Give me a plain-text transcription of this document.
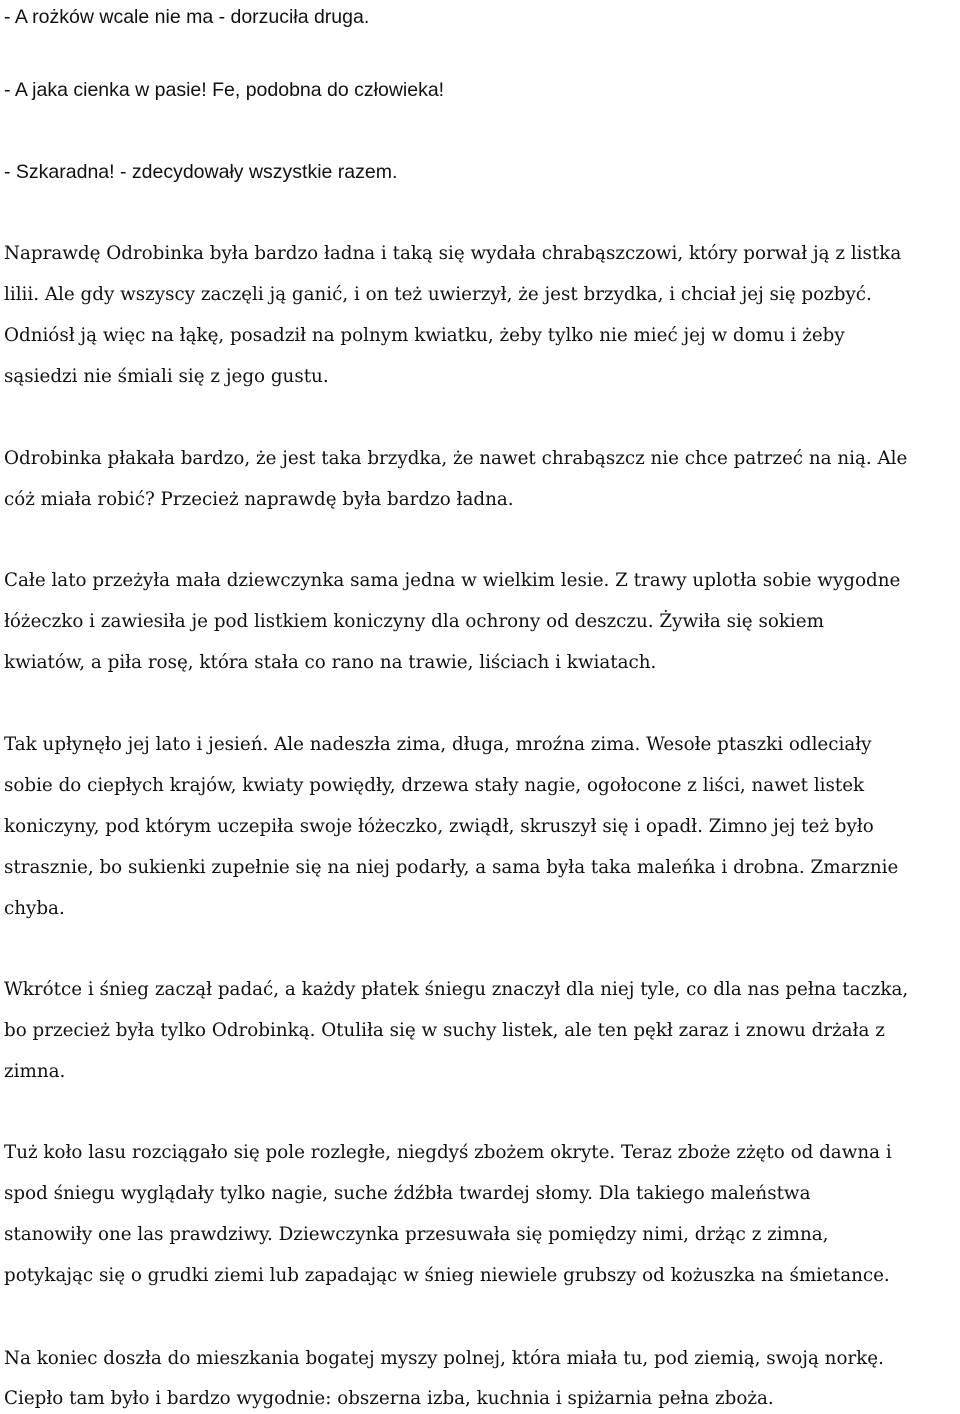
- A rożków wcale nie ma - dorzuciła druga.
- A jaka cienka w pasie! Fe, podobna do człowieka!
- Szkaradna! - zdecydowały wszystkie razem.
Naprawdę Odrobinka była bardzo ładna i taką się wydała chrabąszczowi, który porwał ją z listka
lilii. Ale gdy wszyscy zaczęli ją ganić, i on też uwierzył, że jest brzydka, i chciał jej się pozbyć.
Odniósł ją więc na łąkę, posadził na polnym kwiatku, żeby tylko nie mieć jej w domu i żeby
sąsiedzi nie śmiali się z jego gustu.
Odrobinka płakała bardzo, że jest taka brzydka, że nawet chrabąszcz nie chce patrzeć na nią. Ale
cóż miała robić? Przecież naprawdę była bardzo ładna.
Całe lato przeżyła mała dziewczynka sama jedna w wielkim lesie. Z trawy uplotła sobie wygodne
łóżeczko i zawiesiła je pod listkiem koniczyny dla ochrony od deszczu. Żywiła się sokiem
kwiatów, a piła rosę, która stała co rano na trawie, liściach i kwiatach.
Tak upłynęło jej lato i jesień. Ale nadeszła zima, długa, mroźna zima. Wesołe ptaszki odleciały
sobie do ciepłych krajów, kwiaty powiędły, drzewa stały nagie, ogołocone z liści, nawet listek
koniczyny, pod którym uczepiła swoje łóżeczko, zwiądł, skruszył się i opadł. Zimno jej też było
strasznie, bo sukienki zupełnie się na niej podarły, a sama była taka maleńka i drobna. Zmarznie
chyba.
Wkrótce i śnieg zaczął padać, a każdy płatek śniegu znaczył dla niej tyle, co dla nas pełna taczka,
bo przecież była tylko Odrobinką. Otuliła się w suchy listek, ale ten pękł zaraz i znowu drżała z
zimna.
Tuż koło lasu rozciągało się pole rozległe, niegdyś zbożem okryte. Teraz zboże zżęto od dawna i
spod śniegu wyglądały tylko nagie, suche źdźbła twardej słomy. Dla takiego maleństwa
stanowiły one las prawdziwy. Dziewczynka przesuwała się pomiędzy nimi, drżąc z zimna,
potykając się o grudki ziemi lub zapadając w śnieg niewiele grubszy od kożuszka na śmietance.
Na koniec doszła do mieszkania bogatej myszy polnej, która miała tu, pod ziemią, swoją norkę.
Ciepło tam było i bardzo wygodnie: obszerna izba, kuchnia i spiżarnia pełna zboża.
